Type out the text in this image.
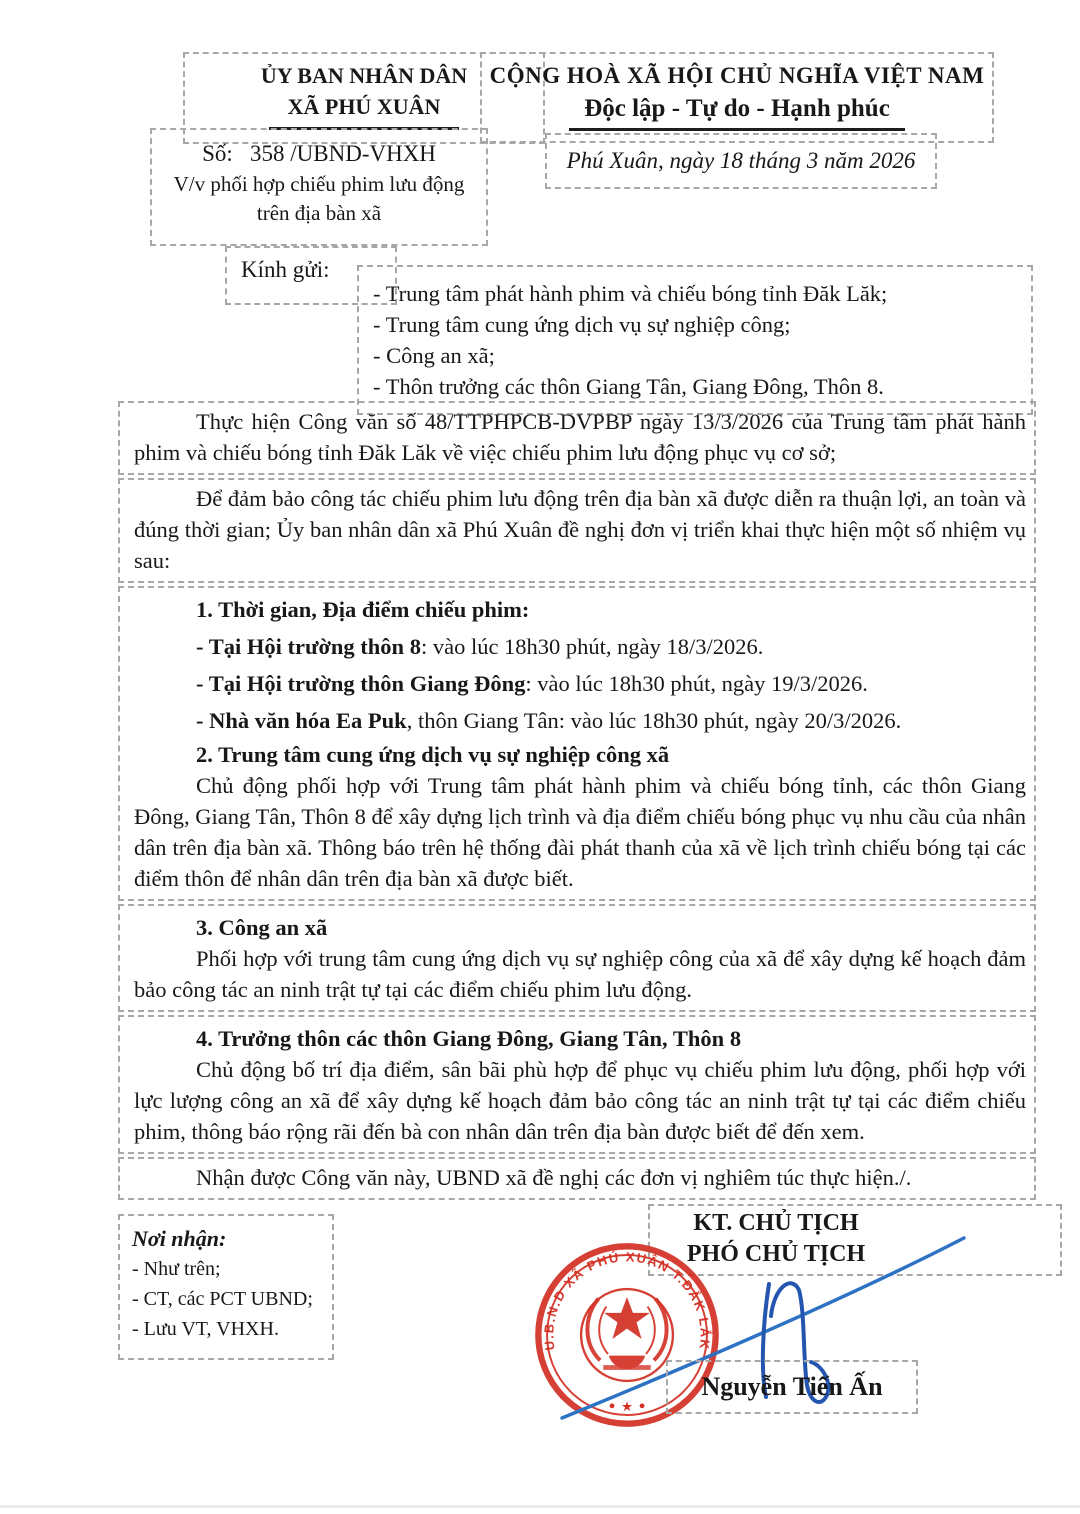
ỦY BAN NHÂN DÂN
XÃ PHÚ XUÂN
Số:   358 /UBND-VHXH
V/v phối hợp chiếu phim lưu động
trên địa bàn xã
CỘNG HOÀ XÃ HỘI CHỦ NGHĨA VIỆT NAM
Độc lập - Tự do - Hạnh phúc
Phú Xuân, ngày 18 tháng 3 năm 2026
Kính gửi:
- Trung tâm phát hành phim và chiếu bóng tỉnh Đăk Lăk;
- Trung tâm cung ứng dịch vụ sự nghiệp công;
- Công an xã;
- Thôn trưởng các thôn Giang Tân, Giang Đông, Thôn 8.

Thực hiện Công văn số 48/TTPHPCB-DVPBP ngày 13/3/2026 của Trung tâm phát hành phim và chiếu bóng tỉnh Đăk Lăk về việc chiếu phim lưu động phục vụ cơ sở;

Để đảm bảo công tác chiếu phim lưu động trên địa bàn xã được diễn ra thuận lợi, an toàn và đúng thời gian; Ủy ban nhân dân xã Phú Xuân đề nghị đơn vị triển khai thực hiện một số nhiệm vụ sau:

1. Thời gian, Địa điểm chiếu phim:

- Tại Hội trường thôn 8: vào lúc 18h30 phút, ngày 18/3/2026.

- Tại Hội trường thôn Giang Đông: vào lúc 18h30 phút, ngày 19/3/2026.

- Nhà văn hóa Ea Puk, thôn Giang Tân: vào lúc 18h30 phút, ngày 20/3/2026.

2. Trung tâm cung ứng dịch vụ sự nghiệp công xã

Chủ động phối hợp với Trung tâm phát hành phim và chiếu bóng tỉnh, các thôn Giang Đông, Giang Tân, Thôn 8 để xây dựng lịch trình và địa điểm chiếu bóng phục vụ nhu cầu của nhân dân trên địa bàn xã. Thông báo trên hệ thống đài phát thanh của xã về lịch trình chiếu bóng tại các điểm thôn để nhân dân trên địa bàn xã được biết.

3. Công an xã

Phối hợp với trung tâm cung ứng dịch vụ sự nghiệp công của xã để xây dựng kế hoạch đảm bảo công tác an ninh trật tự tại các điểm chiếu phim lưu động.

4. Trưởng thôn các thôn Giang Đông, Giang Tân, Thôn 8

Chủ động bố trí địa điểm, sân bãi phù hợp để phục vụ chiếu phim lưu động, phối hợp với lực lượng công an xã để xây dựng kế hoạch đảm bảo công tác an ninh trật tự tại các điểm chiếu phim, thông báo rộng rãi đến bà con nhân dân trên địa bàn được biết để đến xem.

Nhận được Công văn này, UBND xã đề nghị các đơn vị nghiêm túc thực hiện./.

Nơi nhận:
- Như trên;
- CT, các PCT UBND;
- Lưu VT, VHXH.
KT. CHỦ TỊCH
PHÓ CHỦ TỊCH
Nguyễn Tiến Ấn
U.B.N.D XÃ PHÚ XUÂN T.ĐẮK LẮK
• ★ •
